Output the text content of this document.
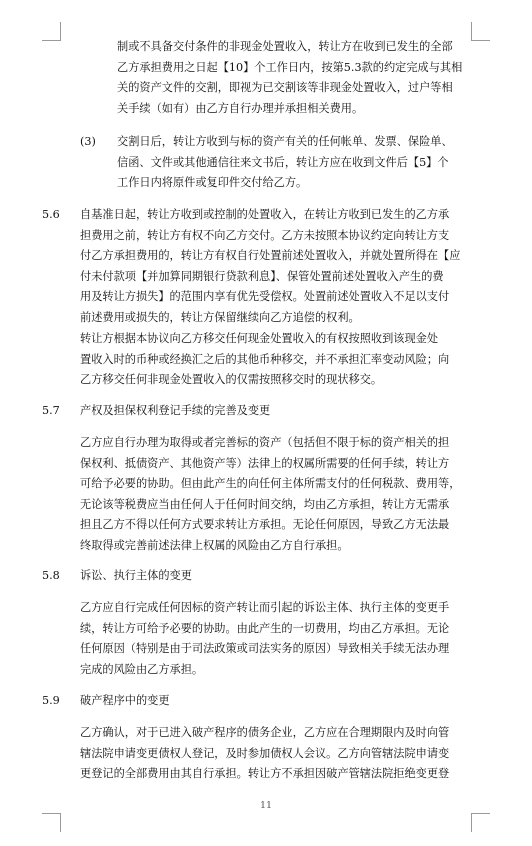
制或不具备交付条件的非现金处置收入，转让方在收到已发生的全部
乙方承担费用之日起【10】个工作日内，按第5.3款的约定完成与其相
关的资产文件的交割，即视为已交割该等非现金处置收入，过户等相
关手续（如有）由乙方自行办理并承担相关费用。
(3) 交割日后，转让方收到与标的资产有关的任何帐单、发票、保险单、
信函、文件或其他通信往来文书后，转让方应在收到文件后【5】个
工作日内将原件或复印件交付给乙方。
5.6 自基准日起，转让方收到或控制的处置收入，在转让方收到已发生的乙方承
担费用之前，转让方有权不向乙方交付。乙方未按照本协议约定向转让方支
付乙方承担费用的，转让方有权自行处置前述处置收入，并就处置所得在【应
付未付款项【并加算同期银行贷款利息】、保管处置前述处置收入产生的费
用及转让方损失】的范围内享有优先受偿权。处置前述处置收入不足以支付
前述费用或损失的，转让方保留继续向乙方追偿的权利。
转让方根据本协议向乙方移交任何现金处置收入的有权按照收到该现金处
置收入时的币种或经换汇之后的其他币种移交，并不承担汇率变动风险；向
乙方移交任何非现金处置收入的仅需按照移交时的现状移交。
5.7 产权及担保权利登记手续的完善及变更
乙方应自行办理为取得或者完善标的资产（包括但不限于标的资产相关的担
保权利、抵债资产、其他资产等）法律上的权属所需要的任何手续，转让方
可给予必要的协助。但由此产生的向任何主体所需支付的任何税款、费用等，
无论该等税费应当由任何人于任何时间交纳，均由乙方承担，转让方无需承
担且乙方不得以任何方式要求转让方承担。无论任何原因，导致乙方无法最
终取得或完善前述法律上权属的风险由乙方自行承担。
5.8 诉讼、执行主体的变更
乙方应自行完成任何因标的资产转让而引起的诉讼主体、执行主体的变更手
续，转让方可给予必要的协助。由此产生的一切费用，均由乙方承担。无论
任何原因（特别是由于司法政策或司法实务的原因）导致相关手续无法办理
完成的风险由乙方承担。
5.9 破产程序中的变更
乙方确认，对于已进入破产程序的债务企业，乙方应在合理期限内及时向管
辖法院申请变更债权人登记，及时参加债权人会议。乙方向管辖法院申请变
更登记的全部费用由其自行承担。转让方不承担因破产管辖法院拒绝变更登
11
